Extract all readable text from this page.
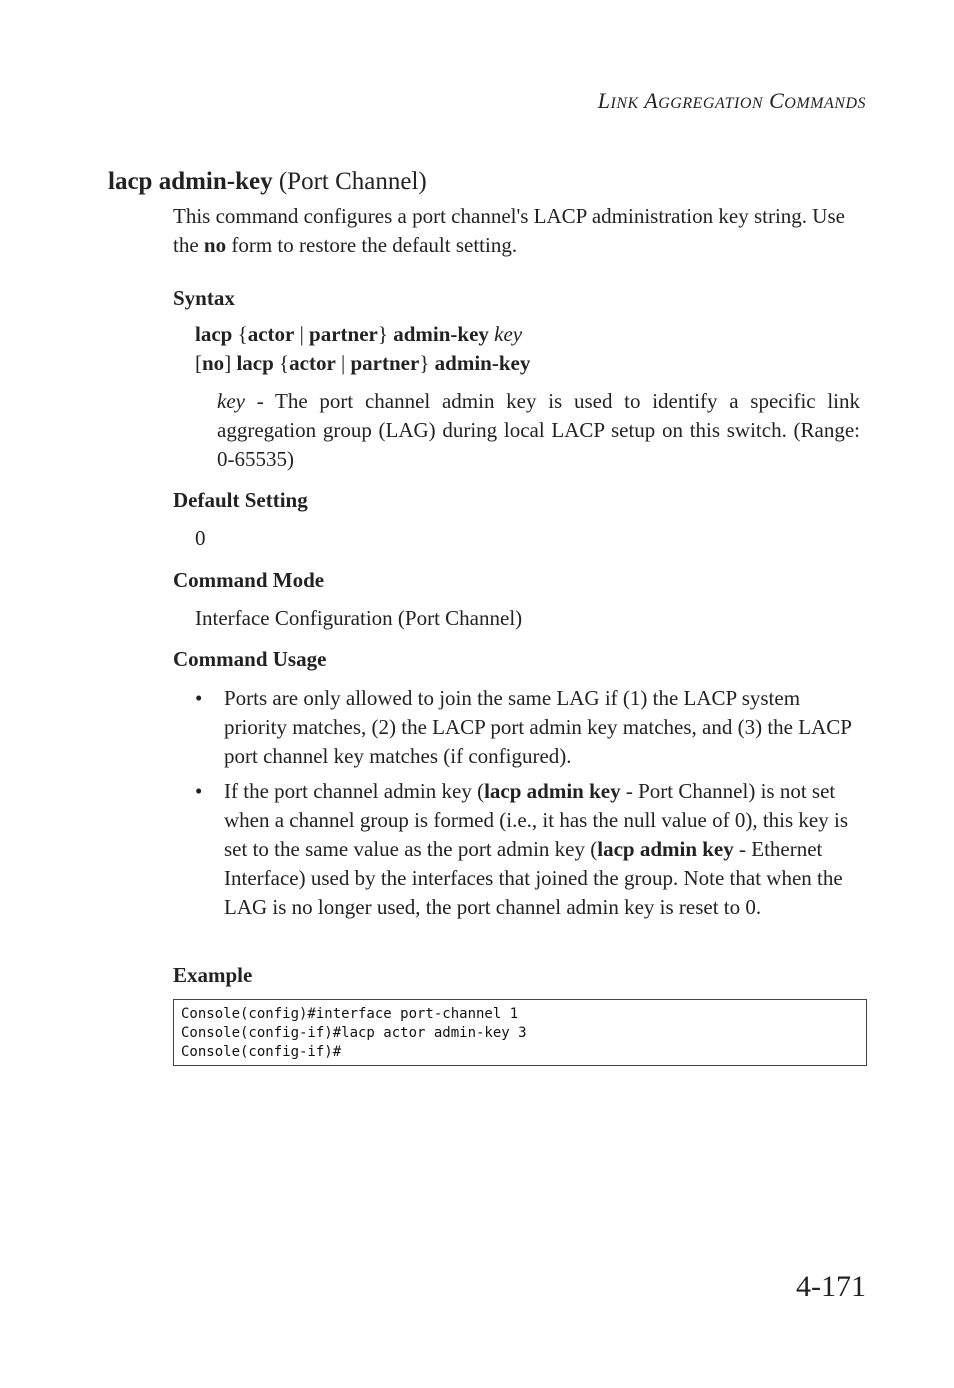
LINK AGGREGATION COMMANDS
lacp admin-key (Port Channel)
This command configures a port channel's LACP administration key string. Use the no form to restore the default setting.
Syntax
lacp {actor | partner} admin-key key
[no] lacp {actor | partner} admin-key
key - The port channel admin key is used to identify a specific link aggregation group (LAG) during local LACP setup on this switch. (Range: 0-65535)
Default Setting
0
Command Mode
Interface Configuration (Port Channel)
Command Usage
• Ports are only allowed to join the same LAG if (1) the LACP system priority matches, (2) the LACP port admin key matches, and (3) the LACP port channel key matches (if configured).
• If the port channel admin key (lacp admin key - Port Channel) is not set when a channel group is formed (i.e., it has the null value of 0), this key is set to the same value as the port admin key (lacp admin key - Ethernet Interface) used by the interfaces that joined the group. Note that when the LAG is no longer used, the port channel admin key is reset to 0.
Example
Console(config)#interface port-channel 1
Console(config-if)#lacp actor admin-key 3
Console(config-if)#
4-171
